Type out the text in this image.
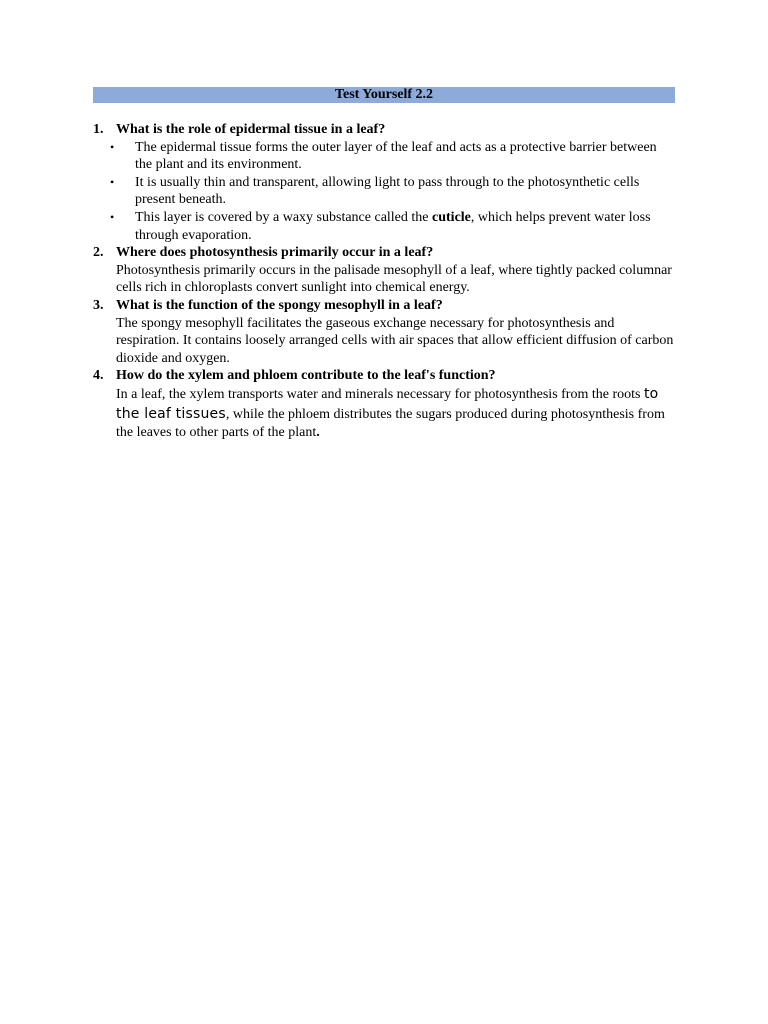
Test Yourself 2.2
1. What is the role of epidermal tissue in a leaf?
• The epidermal tissue forms the outer layer of the leaf and acts as a protective barrier between the plant and its environment.
• It is usually thin and transparent, allowing light to pass through to the photosynthetic cells present beneath.
• This layer is covered by a waxy substance called the cuticle, which helps prevent water loss through evaporation.
2. Where does photosynthesis primarily occur in a leaf?
Photosynthesis primarily occurs in the palisade mesophyll of a leaf, where tightly packed columnar cells rich in chloroplasts convert sunlight into chemical energy.
3. What is the function of the spongy mesophyll in a leaf?
The spongy mesophyll facilitates the gaseous exchange necessary for photosynthesis and respiration. It contains loosely arranged cells with air spaces that allow efficient diffusion of carbon dioxide and oxygen.
4. How do the xylem and phloem contribute to the leaf's function?
In a leaf, the xylem transports water and minerals necessary for photosynthesis from the roots to the leaf tissues, while the phloem distributes the sugars produced during photosynthesis from the leaves to other parts of the plant.
